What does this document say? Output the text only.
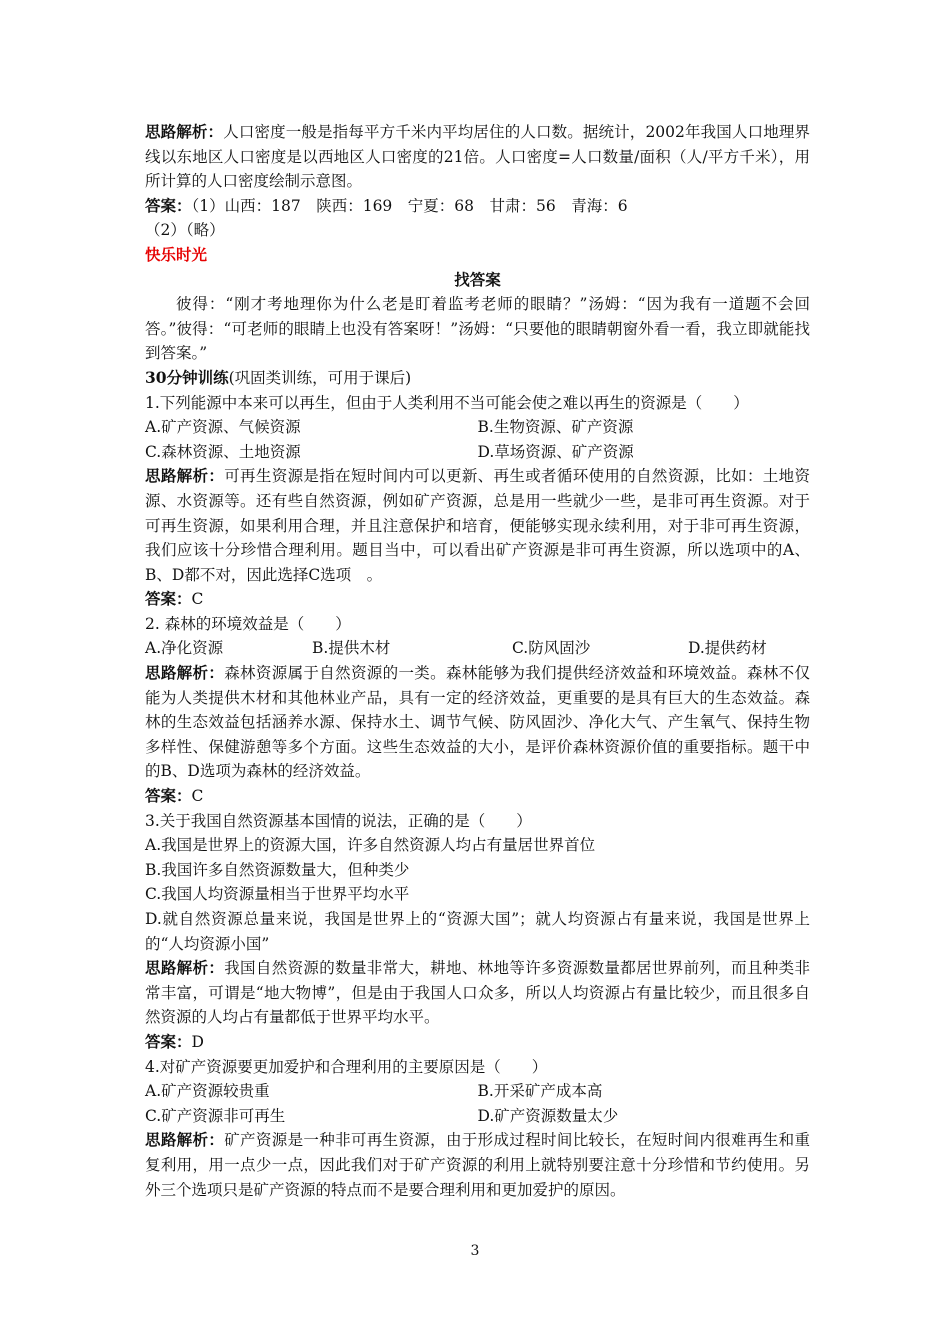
思路解析：人口密度一般是指每平方千米内平均居住的人口数。据统计，2002年我国人口地理界线以东地区人口密度是以西地区人口密度的21倍。人口密度=人口数量/面积（人/平方千米），用所计算的人口密度绘制示意图。
答案：（1）山西：187　陕西：169　宁夏：68　甘肃：56　青海：6
（2）（略）
快乐时光
找答案
彼得：“刚才考地理你为什么老是盯着监考老师的眼睛？”汤姆：“因为我有一道题不会回答。”彼得：“可老师的眼睛上也没有答案呀！”汤姆：“只要他的眼睛朝窗外看一看，我立即就能找到答案。”
30分钟训练(巩固类训练，可用于课后)
1.下列能源中本来可以再生，但由于人类利用不当可能会使之难以再生的资源是（　　）
A.矿产资源、气候资源	B.生物资源、矿产资源
C.森林资源、土地资源	D.草场资源、矿产资源
思路解析：可再生资源是指在短时间内可以更新、再生或者循环使用的自然资源，比如：土地资源、水资源等。还有些自然资源，例如矿产资源，总是用一些就少一些，是非可再生资源。对于可再生资源，如果利用合理，并且注意保护和培育，便能够实现永续利用，对于非可再生资源，我们应该十分珍惜合理利用。题目当中，可以看出矿产资源是非可再生资源，所以选项中的A、B、D都不对，因此选择C选项　。
答案：C
2. 森林的环境效益是（　　）
A.净化资源	B.提供木材	C.防风固沙	D.提供药材
思路解析：森林资源属于自然资源的一类。森林能够为我们提供经济效益和环境效益。森林不仅能为人类提供木材和其他林业产品，具有一定的经济效益，更重要的是具有巨大的生态效益。森林的生态效益包括涵养水源、保持水土、调节气候、防风固沙、净化大气、产生氧气、保持生物多样性、保健游憩等多个方面。这些生态效益的大小，是评价森林资源价值的重要指标。题干中的B、D选项为森林的经济效益。
答案：C
3.关于我国自然资源基本国情的说法，正确的是（　　）
A.我国是世界上的资源大国，许多自然资源人均占有量居世界首位
B.我国许多自然资源数量大，但种类少
C.我国人均资源量相当于世界平均水平
D.就自然资源总量来说，我国是世界上的“资源大国”；就人均资源占有量来说，我国是世界上的“人均资源小国”
思路解析：我国自然资源的数量非常大，耕地、林地等许多资源数量都居世界前列，而且种类非常丰富，可谓是“地大物博”，但是由于我国人口众多，所以人均资源占有量比较少，而且很多自然资源的人均占有量都低于世界平均水平。
答案：D
4.对矿产资源要更加爱护和合理利用的主要原因是（　　）
A.矿产资源较贵重	B.开采矿产成本高
C.矿产资源非可再生	D.矿产资源数量太少
思路解析：矿产资源是一种非可再生资源，由于形成过程时间比较长，在短时间内很难再生和重复利用，用一点少一点，因此我们对于矿产资源的利用上就特别要注意十分珍惜和节约使用。另外三个选项只是矿产资源的特点而不是要合理利用和更加爱护的原因。
3
